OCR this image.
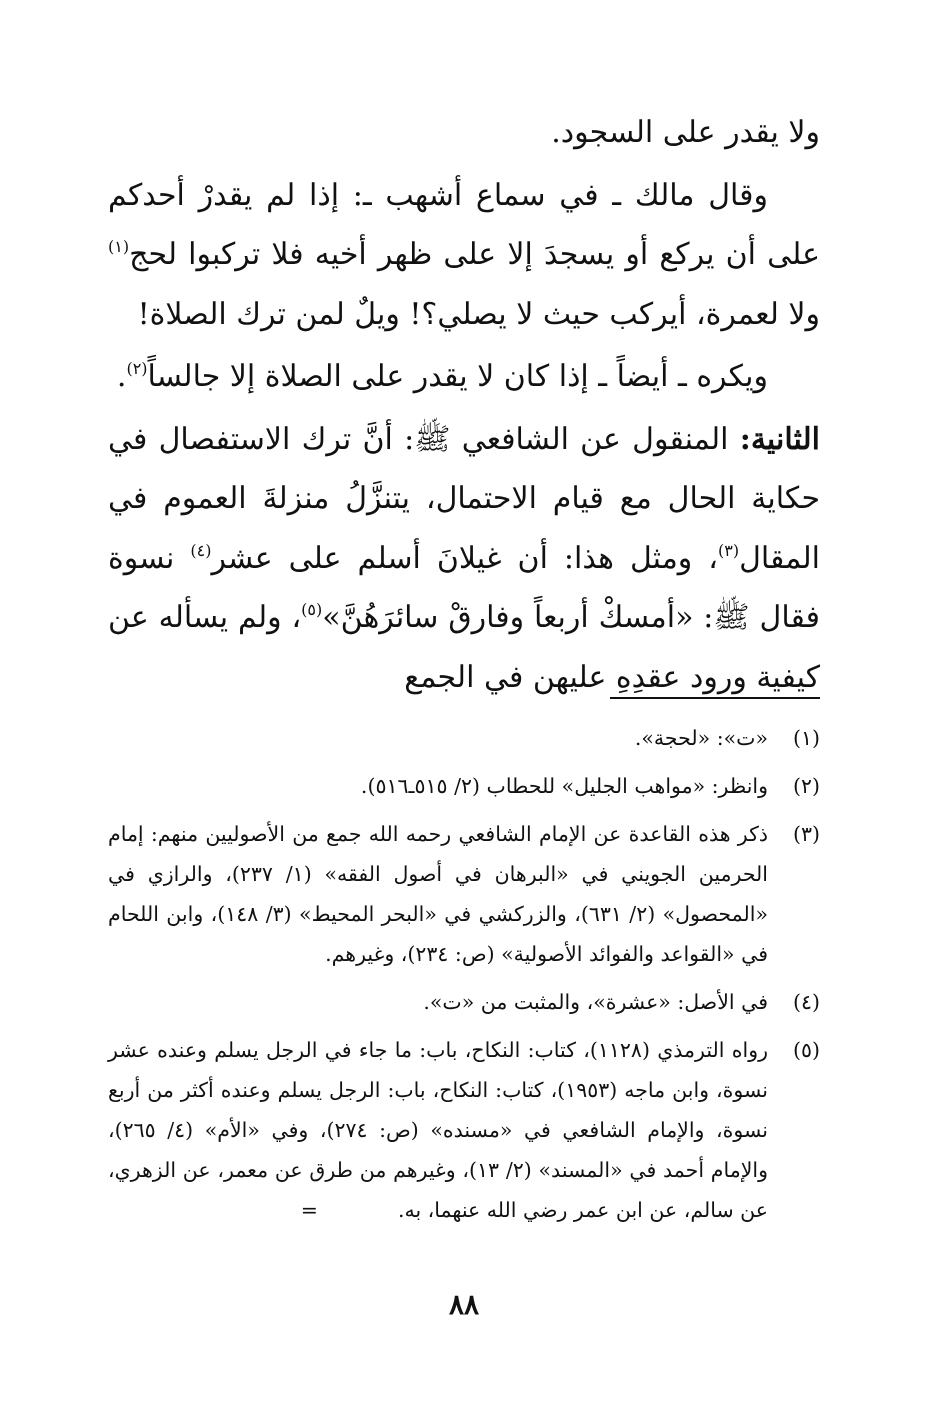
ولا يقدر على السجود.

وقال مالك ـ في سماع أشهب ـ: إذا لم يقدرْ أحدكم على أن يركع أو يسجدَ إلا على ظهر أخيه فلا تركبوا لحج$^{(١)}$ ولا لعمرة، أيركب حيث لا يصلي؟! ويلٌ لمن ترك الصلاة!

ويكره ـ أيضاً ـ إذا كان لا يقدر على الصلاة إلا جالساً$^{(٢)}$.

الثانية: المنقول عن الشافعي ﷺ: أنَّ ترك الاستفصال في حكاية الحال مع قيام الاحتمال، يتنزَّلُ منزلةَ العموم في المقال$^{(٣)}$، ومثل هذا: أن غيلانَ أسلم على عشر$^{(٤)}$ نسوة فقال ﷺ: «أمسكْ أربعاً وفارقْ سائرَهُنَّ»$^{(٥)}$، ولم يسأله عن كيفية ورود عقدِهِ عليهن في الجمع

(١)
«ت»: «لحجة».
(٢)
وانظر: «مواهب الجليل» للحطاب (٢/ ٥١٥ـ٥١٦).
(٣)
ذكر هذه القاعدة عن الإمام الشافعي رحمه الله جمع من الأصوليين منهم: إمام الحرمين الجويني في «البرهان في أصول الفقه» (١/ ٢٣٧)، والرازي في «المحصول» (٢/ ٦٣١)، والزركشي في «البحر المحيط» (٣/ ١٤٨)، وابن اللحام في «القواعد والفوائد الأصولية» (ص: ٢٣٤)، وغيرهم.
(٤)
في الأصل: «عشرة»، والمثبت من «ت».
(٥)
رواه الترمذي (١١٢٨)، كتاب: النكاح، باب: ما جاء في الرجل يسلم وعنده عشر نسوة، وابن ماجه (١٩٥٣)، كتاب: النكاح، باب: الرجل يسلم وعنده أكثر من أربع نسوة، والإمام الشافعي في «مسنده» (ص: ٢٧٤)، وفي «الأم» (٤/ ٢٦٥)، والإمام أحمد في «المسند» (٢/ ١٣)، وغيرهم من طرق عن معمر، عن الزهري، عن سالم، عن ابن عمر رضي الله عنهما، به.=
٨٨
